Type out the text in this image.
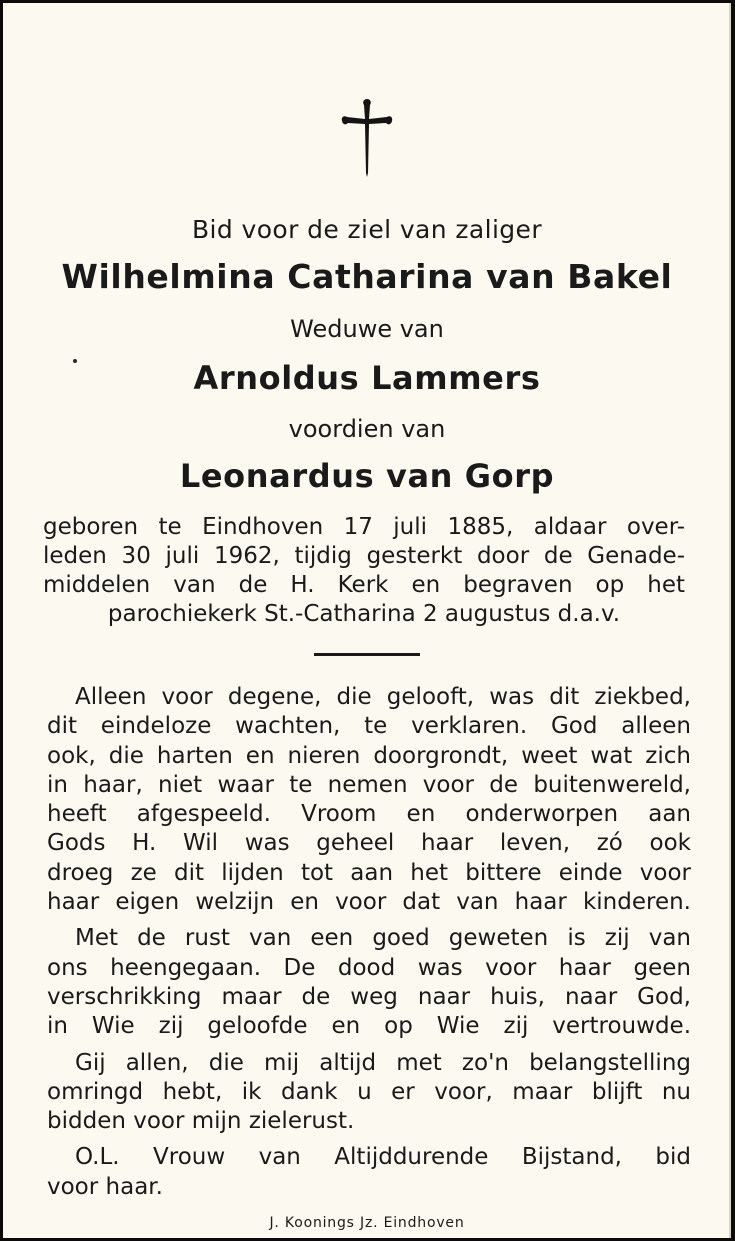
Bid voor de ziel van zaliger
Wilhelmina Catharina van Bakel
Weduwe van
Arnoldus Lammers
voordien van
Leonardus van Gorp
geboren te Eindhoven 17 juli 1885, aldaar over-
leden 30 juli 1962, tijdig gesterkt door de Genade-
middelen van de H. Kerk en begraven op het
parochiekerk St.-Catharina 2 augustus d.a.v.
Alleen voor degene, die gelooft, was dit ziekbed,
dit eindeloze wachten, te verklaren. God alleen
ook, die harten en nieren doorgrondt, weet wat zich
in haar, niet waar te nemen voor de buitenwereld,
heeft afgespeeld. Vroom en onderworpen aan
Gods H. Wil was geheel haar leven, zó ook
droeg ze dit lijden tot aan het bittere einde voor
haar eigen welzijn en voor dat van haar kinderen.
Met de rust van een goed geweten is zij van
ons heengegaan. De dood was voor haar geen
verschrikking maar de weg naar huis, naar God,
in Wie zij geloofde en op Wie zij vertrouwde.
Gij allen, die mij altijd met zo'n belangstelling
omringd hebt, ik dank u er voor, maar blijft nu
bidden voor mijn zielerust.
O.L. Vrouw van Altijddurende Bijstand, bid
voor haar.
J. Koonings Jz. Eindhoven
